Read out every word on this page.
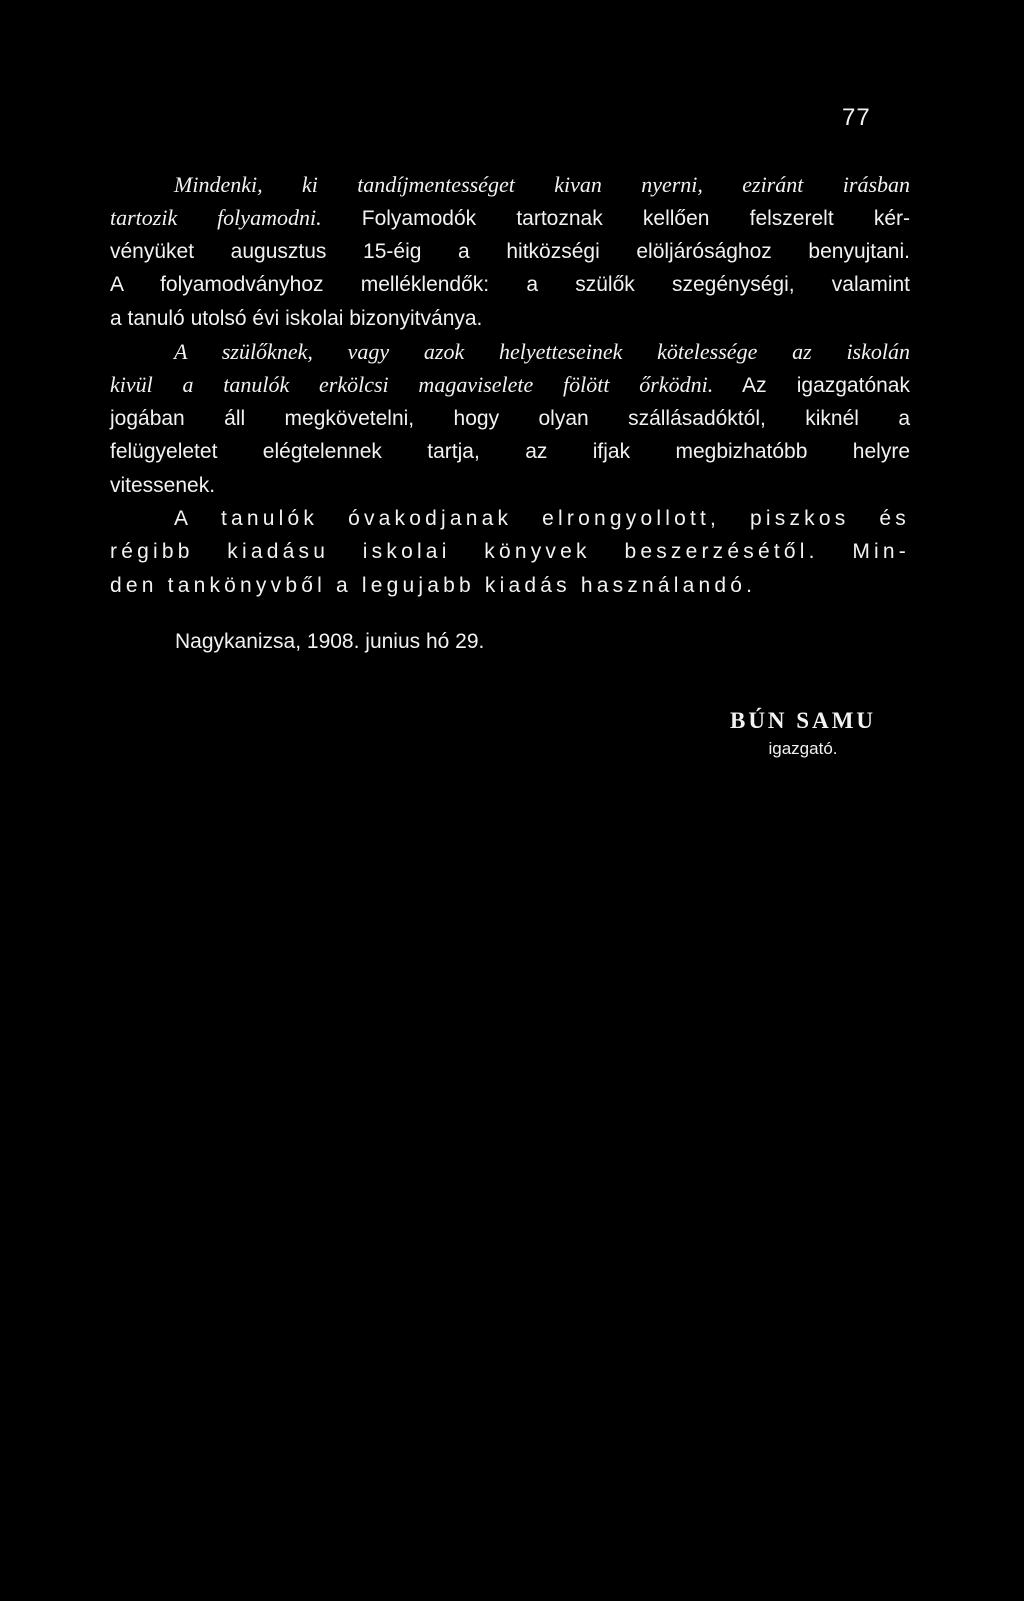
77
Mindenki, ki tandíjmentességet kivan nyerni, eziránt irásban
tartozik folyamodni. Folyamodók tartoznak kellően felszerelt kér-
vényüket augusztus 15-éig a hitközségi elöljárósághoz benyujtani.
A folyamodványhoz melléklendők: a szülők szegénységi, valamint
a tanuló utolsó évi iskolai bizonyitványa.
A szülőknek, vagy azok helyetteseinek kötelessége az iskolán
kivül a tanulók erkölcsi magaviselete fölött őrködni. Az igazgatónak
jogában áll megkövetelni, hogy olyan szállásadóktól, kiknél a
felügyeletet elégtelennek tartja, az ifjak megbizhatóbb helyre
vitessenek.
A tanulók óvakodjanak elrongyollott, piszkos és
régibb kiadásu iskolai könyvek beszerzésétől. Min-
den tankönyvből a legujabb kiadás használandó.
Nagykanizsa, 1908. junius hó 29.
BÚN SAMU
igazgató.
